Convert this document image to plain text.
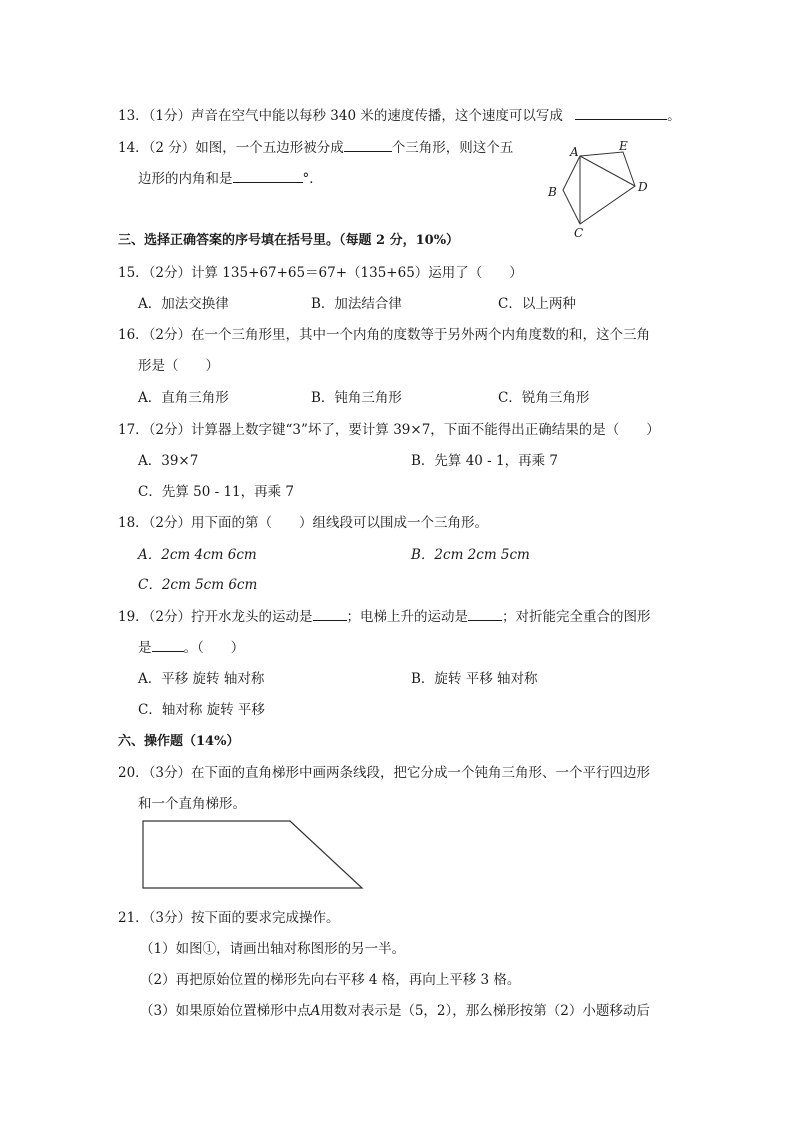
13．（1分）声音在空气中能以每秒 340 米的速度传播，这个速度可以写成	。
14．（2 分）如图，一个五边形被分成	个三角形，则这个五
边形的内角和是	°．
A	E
B	D
C
三、选择正确答案的序号填在括号里。（每题 2 分，10%）
15．（2分）计算 135+67+65＝67+（135+65）运用了（　　）
A．加法交换律	B．加法结合律	C．以上两种
16．（2分）在一个三角形里，其中一个内角的度数等于另外两个内角度数的和，这个三角
形是（　　）
A．直角三角形	B．钝角三角形	C．锐角三角形
17．（2分）计算器上数字键“3”坏了，要计算 39×7，下面不能得出正确结果的是（　　）
A．39×7	B．先算 40 - 1，再乘 7
C．先算 50 - 11，再乘 7
18．（2分）用下面的第（　　）组线段可以围成一个三角形。
A．2cm 4cm 6cm	B．2cm 2cm 5cm
C．2cm 5cm 6cm
19．（2分）拧开水龙头的运动是	；电梯上升的运动是	；对折能完全重合的图形
是 。（　　）
A．平移 旋转 轴对称	B．旋转 平移 轴对称
C．轴对称 旋转 平移
六、操作题（14%）
20．（3分）在下面的直角梯形中画两条线段，把它分成一个钝角三角形、一个平行四边形
和一个直角梯形。
21．（3分）按下面的要求完成操作。
（1）如图①，请画出轴对称图形的另一半。
（2）再把原始位置的梯形先向右平移 4 格，再向上平移 3 格。
（3）如果原始位置梯形中点A用数对表示是（5，2），那么梯形按第（2）小题移动后
